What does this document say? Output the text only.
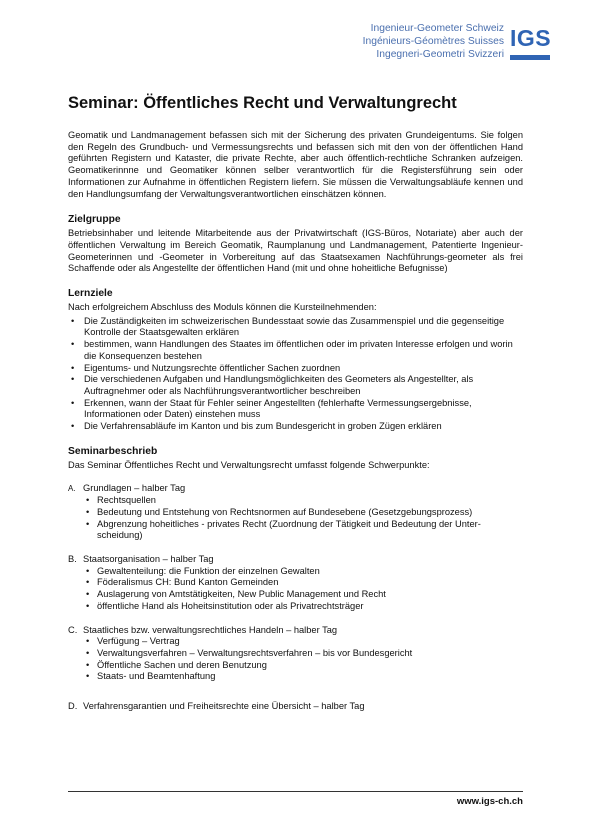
Ingenieur-Geometer Schweiz
Ingénieurs-Géomètres Suisses
Ingegneri-Geometri Svizzeri
IGS
Seminar: Öffentliches Recht und Verwaltungrecht

Geomatik und Landmanagement befassen sich mit der Sicherung des privaten Grundeigentums. Sie folgen den Regeln des Grundbuch- und Vermessungsrechts und befassen sich mit den von der öffentlichen Hand geführten Registern und Kataster, die private Rechte, aber auch öffentlich-rechtliche Schranken aufzeigen. Geomatikerinnne und Geomatiker können selber verantwortlich für die Registersführung sein oder Informationen zur Aufnahme in öffentlichen Registern liefern. Sie müssen die Verwaltungsabläufe kennen und den Handlungsumfang der Verwaltungsverantwortlichen einschätzen können.

Zielgruppe

Betriebsinhaber und leitende Mitarbeitende aus der Privatwirtschaft (IGS-Büros, Notariate) aber auch der öffentlichen Verwaltung im Bereich Geomatik, Raumplanung und Landmanagement, Patentierte Ingenieur-Geometerinnen und -Geometer in Vorbereitung auf das Staatsexamen Nachführungs-geometer als frei Schaffende oder als Angestellte der öffentlichen Hand (mit und ohne hoheitliche Befugnisse)

Lernziele

Nach erfolgreichem Abschluss des Moduls können die Kursteilnehmenden:

• Die Zuständigkeiten im schweizerischen Bundesstaat sowie das Zusammenspiel und die gegenseitige Kontrolle der Staatsgewalten erklären
• bestimmen, wann Handlungen des Staates im öffentlichen oder im privaten Interesse erfolgen und worin die Konsequenzen bestehen
• Eigentums- und Nutzungsrechte öffentlicher Sachen zuordnen
• Die verschiedenen Aufgaben und Handlungsmöglichkeiten des Geometers als Angestellter, als Auftragnehmer oder als Nachführungsverantwortlicher beschreiben
• Erkennen, wann der Staat für Fehler seiner Angestellten (fehlerhafte Vermessungsergebnisse, Informationen oder Daten) einstehen muss
• Die Verfahrensabläufe im Kanton und bis zum Bundesgericht in groben Zügen erklären
Seminarbeschrieb

Das Seminar Öffentliches Recht und Verwaltungsrecht umfasst folgende Schwerpunkte:

A. Grundlagen – halber Tag
• Rechtsquellen
• Bedeutung und Entstehung von Rechtsnormen auf Bundesebene (Gesetzgebungsprozess)
• Abgrenzung hoheitliches - privates Recht (Zuordnung der Tätigkeit und Bedeutung der Unter-scheidung)
B. Staatsorganisation – halber Tag
• Gewaltenteilung: die Funktion der einzelnen Gewalten
• Föderalismus CH: Bund Kanton Gemeinden
• Auslagerung von Amtstätigkeiten, New Public Management und Recht
• öffentliche Hand als Hoheitsinstitution oder als Privatrechtsträger
C. Staatliches bzw. verwaltungsrechtliches Handeln – halber Tag
• Verfügung – Vertrag
• Verwaltungsverfahren – Verwaltungsrechtsverfahren – bis vor Bundesgericht
• Öffentliche Sachen und deren Benutzung
• Staats- und Beamtenhaftung
D. Verfahrensgarantien und Freiheitsrechte eine Übersicht – halber Tag
www.igs-ch.ch
